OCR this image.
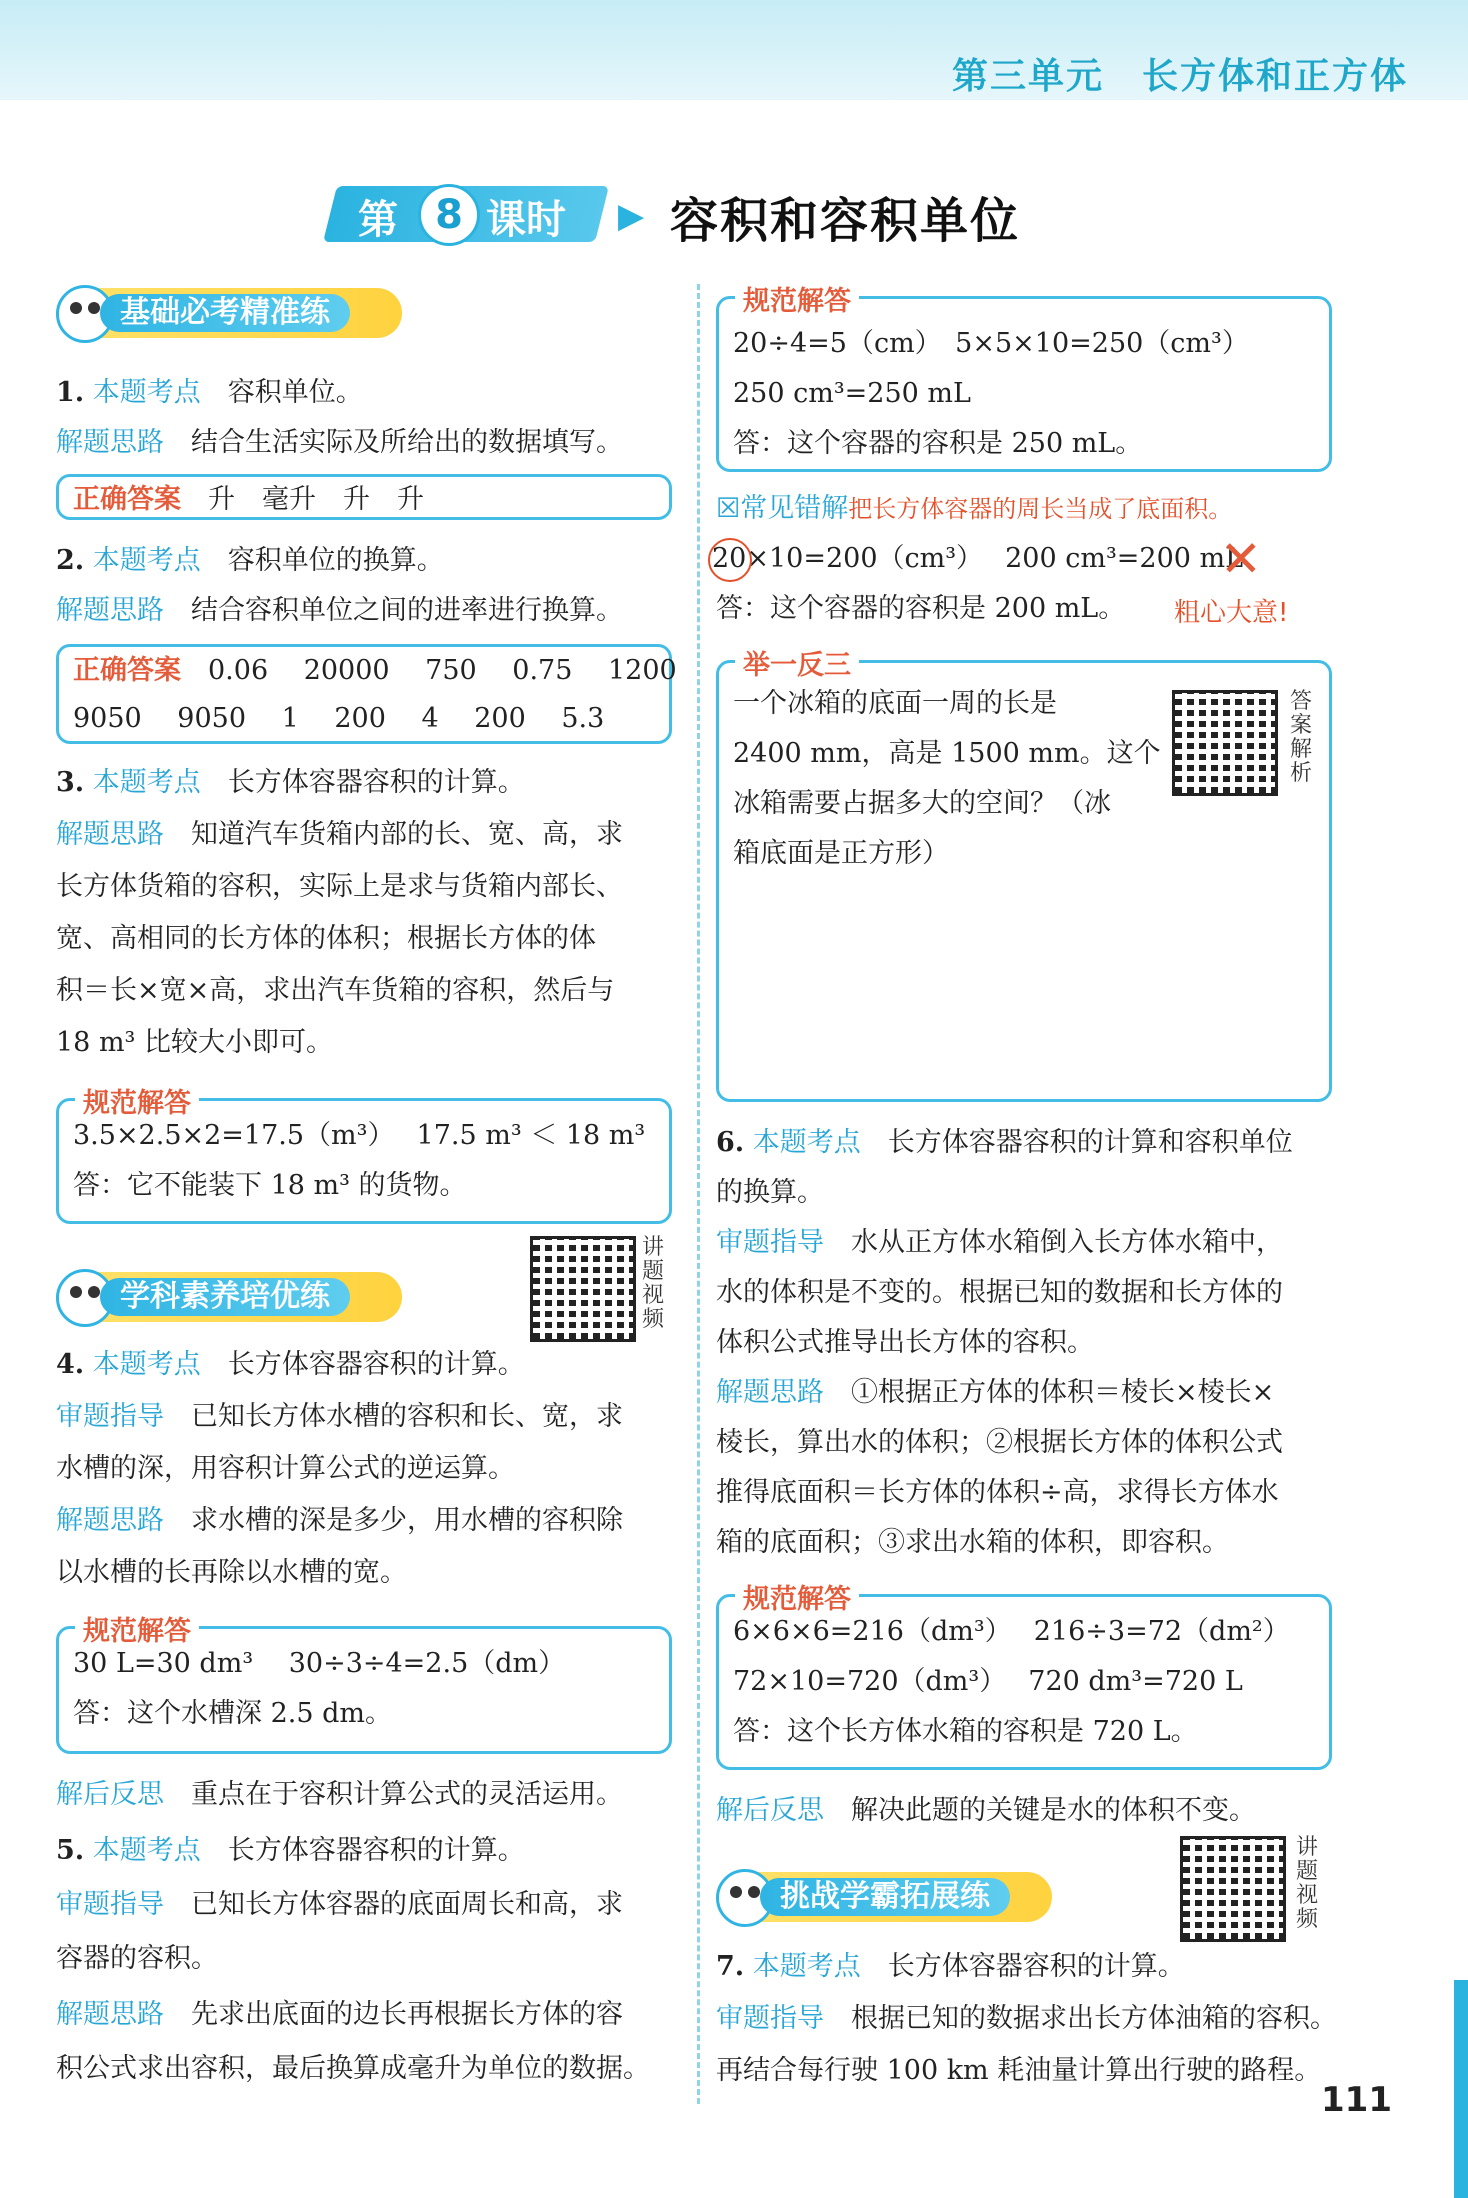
第三单元　长方体和正方体
第 8 课时 ▶ 容积和容积单位
基础必考精准练
1. 本题考点　 容积单位。
解题思路　 结合生活实际及所给出的数据填写。
正确答案　 升　毫升　升　升
2. 本题考点　 容积单位的换算。
解题思路　 结合容积单位之间的进率进行换算。
正确答案　 0.06　 20000　 750　 0.75　 1200
9050　 9050　 1　 200　 4　 200　 5.3
3. 本题考点　 长方体容器容积的计算。
解题思路　 知道汽车货箱内部的长、宽、高，求
长方体货箱的容积，实际上是求与货箱内部长、
宽、高相同的长方体的体积；根据长方体的体
积＝长×宽×高，求出汽车货箱的容积，然后与
18 m³ 比较大小即可。
规范解答
3.5×2.5×2=17.5（m³）　 17.5 m³ ＜ 18 m³
答：它不能装下 18 m³ 的货物。
讲题视频
学科素养培优练
4. 本题考点　 长方体容器容积的计算。
审题指导　 已知长方体水槽的容积和长、宽，求
水槽的深，用容积计算公式的逆运算。
解题思路　 求水槽的深是多少，用水槽的容积除
以水槽的长再除以水槽的宽。
规范解答
30 L=30 dm³　 30÷3÷4=2.5（dm）
答：这个水槽深 2.5 dm。
解后反思　 重点在于容积计算公式的灵活运用。
5. 本题考点　 长方体容器容积的计算。
审题指导　 已知长方体容器的底面周长和高，求
容器的容积。
解题思路　 先求出底面的边长再根据长方体的容
积公式求出容积，最后换算成毫升为单位的数据。
规范解答
20÷4=5（cm）　5×5×10=250（cm³）
250 cm³=250 mL
答：这个容器的容积是 250 mL。
☒常见错解把长方体容器的周长当成了底面积。
20×10=200（cm³）　 200 cm³=200 mL
✕
答：这个容器的容积是 200 mL。 粗心大意!
举一反三
一个冰箱的底面一周的长是
2400 mm，高是 1500 mm。这个
冰箱需要占据多大的空间？（冰
箱底面是正方形）
答案解析
6. 本题考点　 长方体容器容积的计算和容积单位
的换算。
审题指导　 水从正方体水箱倒入长方体水箱中，
水的体积是不变的。根据已知的数据和长方体的
体积公式推导出长方体的容积。
解题思路　 ①根据正方体的体积＝棱长×棱长×
棱长，算出水的体积；②根据长方体的体积公式
推得底面积＝长方体的体积÷高，求得长方体水
箱的底面积；③求出水箱的体积，即容积。
规范解答
6×6×6=216（dm³）　 216÷3=72（dm²）
72×10=720（dm³）　 720 dm³=720 L
答：这个长方体水箱的容积是 720 L。
解后反思　 解决此题的关键是水的体积不变。
讲题视频
挑战学霸拓展练
7. 本题考点　 长方体容器容积的计算。
审题指导　 根据已知的数据求出长方体油箱的容积。
再结合每行驶 100 km 耗油量计算出行驶的路程。
111
